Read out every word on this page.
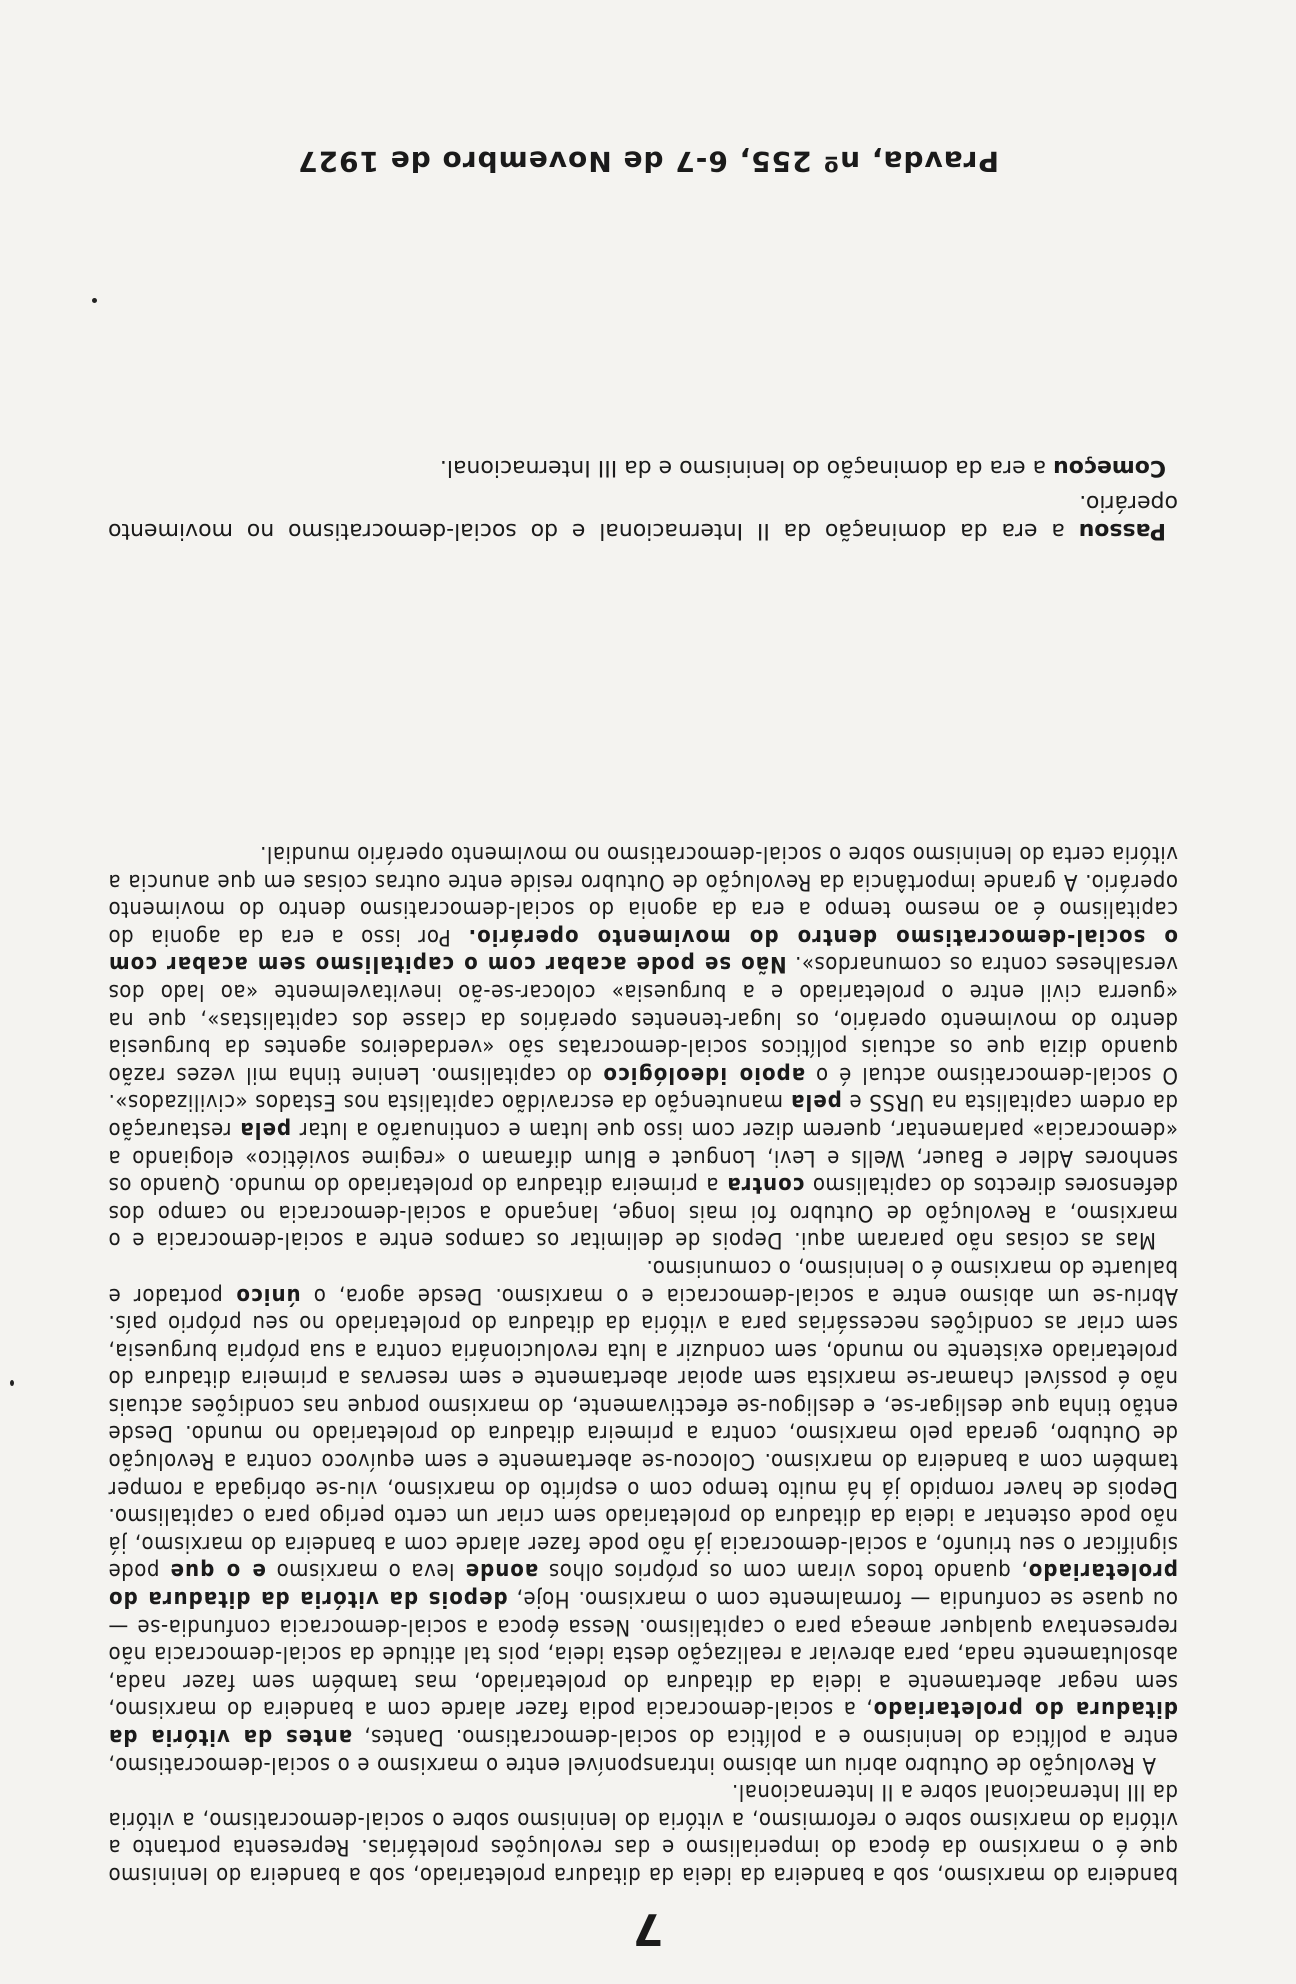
7

bandeira do marxismo, sob a bandeira da ideia da ditadura proletariado, sob a bandeira do leninismo que é o marxismo da época do imperialismo e das revoluções proletárias. Representa portanto a vitória do marxismo sobre o reformismo, a vitória do leninismo sobre o social-democratismo, a vitória da III Internacional sobre a II Internacional.

A Revolução de Outubro abriu um abismo intransponível entre o marxismo e o social-democratismo, entre a política do leninismo e a política do social-democratismo. Dantes, antes da vitória da ditadura do proletariado, a social-democracia podia fazer alarde com a bandeira do marxismo, sem negar abertamente a ideia da ditadura do proletariado, mas também sem fazer nada, absolutamente nada, para abreviar a realização desta ideia, pois tal atitude da social-democracia não representava qualquer ameaça para o capitalismo. Nessa época a social-democracia confundia-se — ou quase se confundia — formalmente com o marxismo. Hoje, depois da vitória da ditadura do proletariado, quando todos viram com os próprios olhos aonde leva o marxismo e o que pode significar o seu triunfo, a social-democracia já não pode fazer alarde com a bandeira do marxismo, já não pode ostentar a ideia da ditadura do proletariado sem criar um certo perigo para o capitalismo. Depois de haver rompido já há muito tempo com o espírito do marxismo, viu-se obrigada a romper também com a bandeira do marxismo. Colocou-se abertamente e sem equívoco contra a Revolução de Outubro, gerada pelo marxismo, contra a primeira ditadura do proletariado no mundo. Desde então tinha que desligar-se, e desligou-se efectivamente, do marxismo porque nas condições actuais não é possível chamar-se marxista sem apoiar abertamente e sem reservas a primeira ditadura do proletariado existente no mundo, sem conduzir a luta revolucionária contra a sua própria burguesia, sem criar as condições necessárias para a vitória da ditadura do proletariado no seu próprio país. Abriu-se um abismo entre a social-democracia e o marxismo. Desde agora, o único portador e baluarte do marxismo é o leninismo, o comunismo.

Mas as coisas não pararam aqui. Depois de delimitar os campos entre a social-democracia e o marxismo, a Revolução de Outubro foi mais longe, lançando a social-democracia no campo dos defensores directos do capitalismo contra a primeira ditadura do proletariado do mundo. Quando os senhores Adler e Bauer, Wells e Levi, Longuet e Blum difamam o «regime soviético» elogiando a «democracia» parlamentar, querem dizer com isso que lutam e continuarão a lutar pela restauração da ordem capitalista na URSS e pela manutenção da escravidão capitalista nos Estados «civilizados». O social-democratismo actual é o apoio ideológico do capitalismo. Lenine tinha mil vezes razão quando dizia que os actuais políticos social-democratas são «verdadeiros agentes da burguesia dentro do movimento operário, os lugar-tenentes operários da classe dos capitalistas», que na «guerra civil entre o proletariado e a burguesia» colocar-se-ão inevitavelmente «ao lado dos versalheses contra os comunardos». Não se pode acabar com o capitalismo sem acabar com o social-democratismo dentro do movimento operário. Por isso a era da agonia do capitalismo é ao mesmo tempo a era da agonia do social-democratismo dentro do movimento operário. A grande importância da Revolução de Outubro reside entre outras coisas em que anuncia a vitória certa do leninismo sobre o social-democratismo no movimento operário mundial.

Passou a era da dominação da II Internacional e do social-democratismo no movimento operário.

Começou a era da dominação do leninismo e da III Internacional.

Pravda, nº 255, 6-7 de Novembro de 1927
